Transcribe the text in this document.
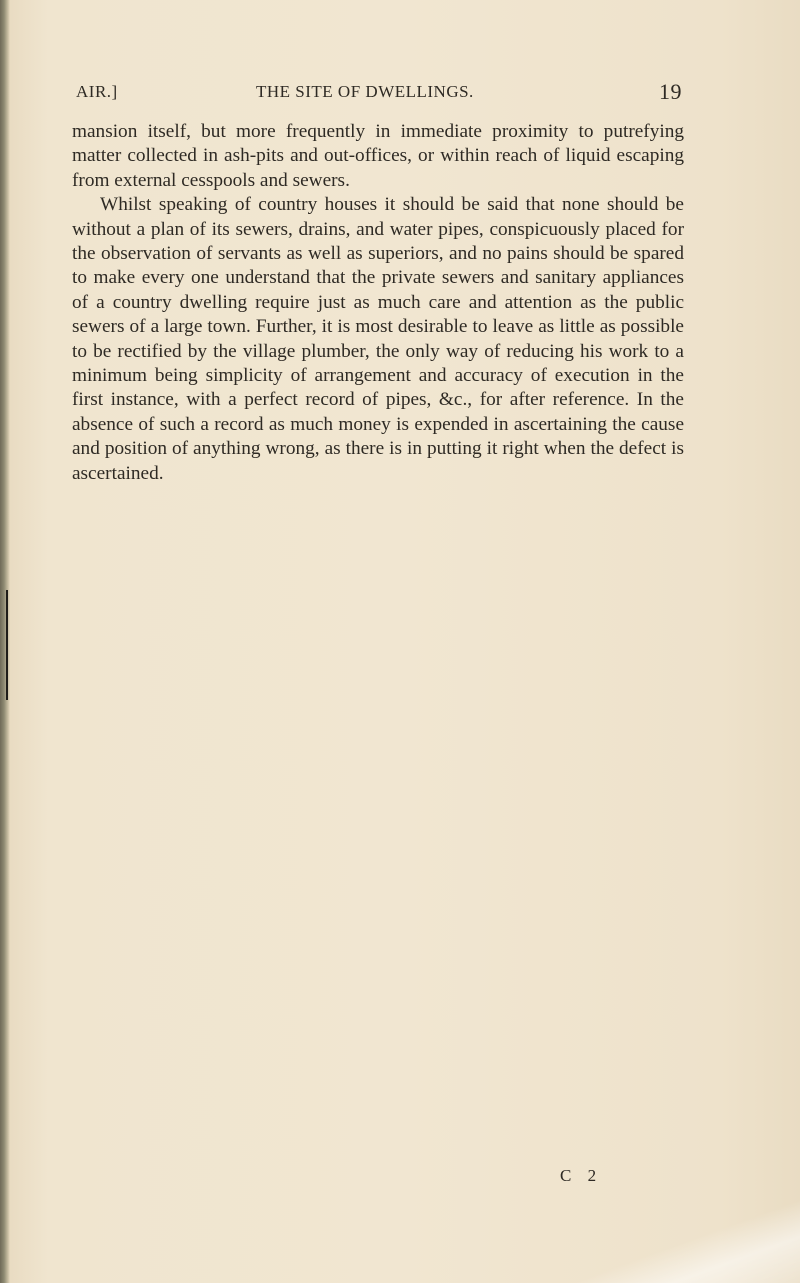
AIR.]	THE SITE OF DWELLINGS.	19

mansion itself, but more frequently in immediate proximity to putrefying matter collected in ash-pits and out-offices, or within reach of liquid escaping from external cesspools and sewers.

Whilst speaking of country houses it should be said that none should be without a plan of its sewers, drains, and water pipes, conspicuously placed for the observation of servants as well as superiors, and no pains should be spared to make every one understand that the private sewers and sanitary appliances of a country dwelling require just as much care and attention as the public sewers of a large town. Further, it is most desirable to leave as little as possible to be rectified by the village plumber, the only way of reducing his work to a minimum being simplicity of arrangement and accuracy of execution in the first instance, with a perfect record of pipes, &c., for after reference. In the absence of such a record as much money is expended in ascertaining the cause and position of anything wrong, as there is in putting it right when the defect is ascertained.

C 2
